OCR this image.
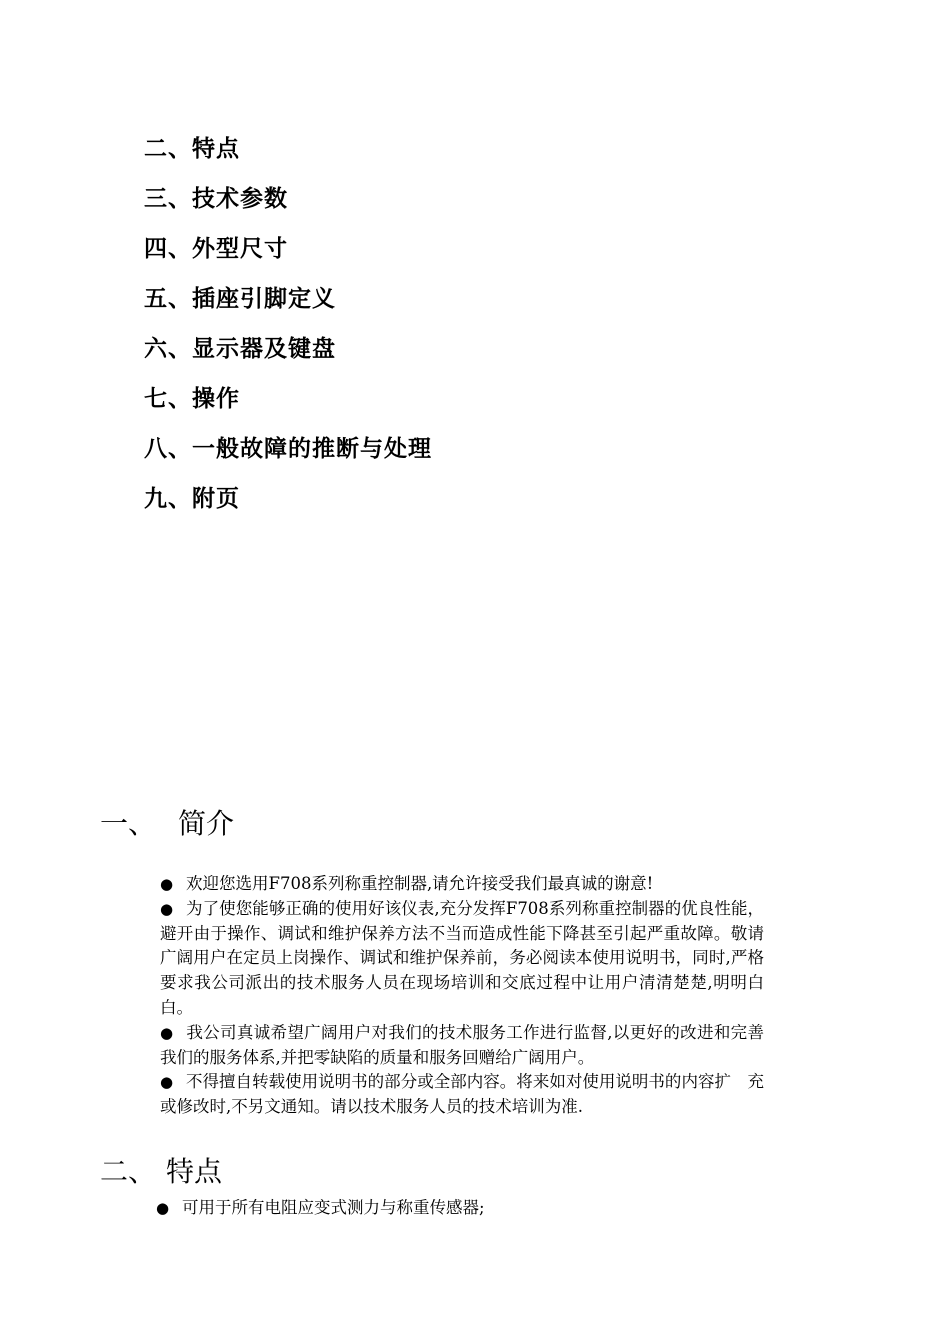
二、特点
三、技术参数
四、外型尺寸
五、插座引脚定义
六、显示器及键盘
七、操作
八、一般故障的推断与处理
九、附页
一、 简介

● 欢迎您选用F708系列称重控制器,请允许接受我们最真诚的谢意!

● 为了使您能够正确的使用好该仪表,充分发挥F708系列称重控制器的优良性能，避开由于操作、调试和维护保养方法不当而造成性能下降甚至引起严重故障。敬请广阔用户在定员上岗操作、调试和维护保养前，务必阅读本使用说明书，同时,严格要求我公司派出的技术服务人员在现场培训和交底过程中让用户清清楚楚,明明白白。

● 我公司真诚希望广阔用户对我们的技术服务工作进行监督,以更好的改进和完善我们的服务体系,并把零缺陷的质量和服务回赠给广阔用户。

● 不得擅自转载使用说明书的部分或全部内容。将来如对使用说明书的内容扩　充或修改时,不另文通知。请以技术服务人员的技术培训为准.

二、 特点
● 可用于所有电阻应变式测力与称重传感器;
